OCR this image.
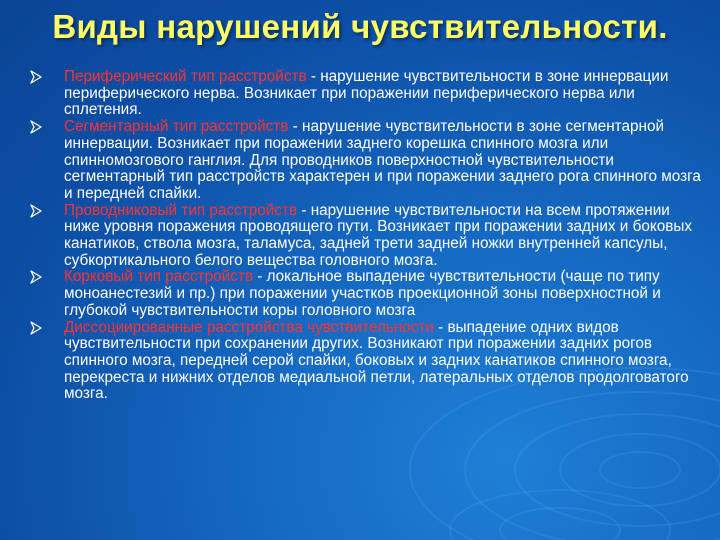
Виды нарушений чувствительности.
Периферический тип расстройств - нарушение чувствительности в зоне иннервации периферического нерва. Возникает при поражении периферического нерва или сплетения.
Сегментарный тип расстройств - нарушение чувствительности в зоне сегментарной иннервации. Возникает при поражении заднего корешка спинного мозга или спинномозгового ганглия. Для проводников поверхностной чувствительности сегментарный тип расстройств характерен и при поражении заднего рога спинного мозга и передней спайки.
Проводниковый тип расстройств - нарушение чувствительности на всем протяжении ниже уровня поражения проводящего пути. Возникает при поражении задних и боковых канатиков, ствола мозга, таламуса, задней трети задней ножки внутренней капсулы, субкортикального белого вещества головного мозга.
Корковый тип расстройств - локальное выпадение чувствительности (чаще по типу моноанестезий и пр.) при поражении участков проекционной зоны поверхностной и глубокой чувствительности коры головного мозга
Диссоциированные расстройства чувствительности - выпадение одних видов чувствительности при сохранении других. Возникают при поражении задних рогов спинного мозга, передней серой спайки, боковых и задних канатиков спинного мозга, перекреста и нижних отделов медиальной петли, латеральных отделов продолговатого мозга.
